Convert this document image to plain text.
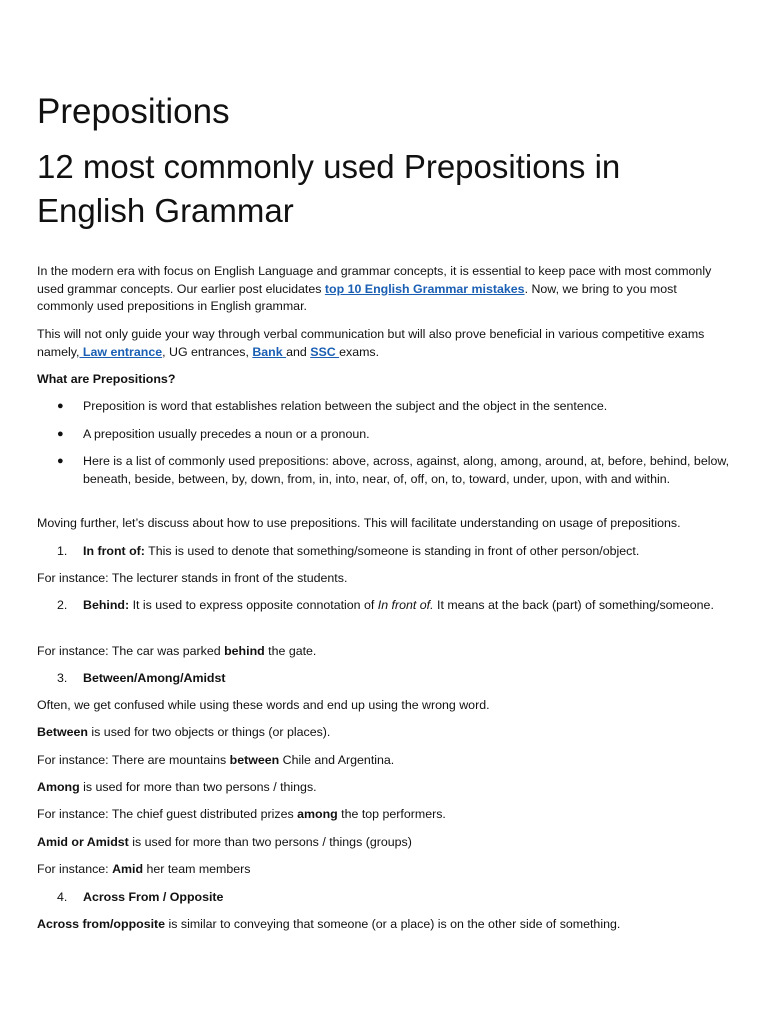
Prepositions
12 most commonly used Prepositions in English Grammar

In the modern era with focus on English Language and grammar concepts, it is essential to keep pace with most commonly used grammar concepts. Our earlier post elucidates top 10 English Grammar mistakes. Now, we bring to you most commonly used prepositions in English grammar.

This will not only guide your way through verbal communication but will also prove beneficial in various competitive exams namely, Law entrance, UG entrances, Bank and SSC exams.

What are Prepositions?

● Preposition is word that establishes relation between the subject and the object in the sentence.
● A preposition usually precedes a noun or a pronoun.
● Here is a list of commonly used prepositions: above, across, against, along, among, around, at, before, behind, below, beneath, beside, between, by, down, from, in, into, near, of, off, on, to, toward, under, upon, with and within.

Moving further, let’s discuss about how to use prepositions. This will facilitate understanding on usage of prepositions.

1.	In front of: This is used to denote that something/someone is standing in front of other person/object.

For instance: The lecturer stands in front of the students.

2.	Behind: It is used to express opposite connotation of In front of. It means at the back (part) of something/someone.

For instance: The car was parked behind the gate.

3.	Between/Among/Amidst

Often, we get confused while using these words and end up using the wrong word.

Between is used for two objects or things (or places).

For instance: There are mountains between Chile and Argentina.

Among is used for more than two persons / things.

For instance: The chief guest distributed prizes among the top performers.

Amid or Amidst is used for more than two persons / things (groups)

For instance: Amid her team members

4.	Across From / Opposite

Across from/opposite is similar to conveying that someone (or a place) is on the other side of something.
